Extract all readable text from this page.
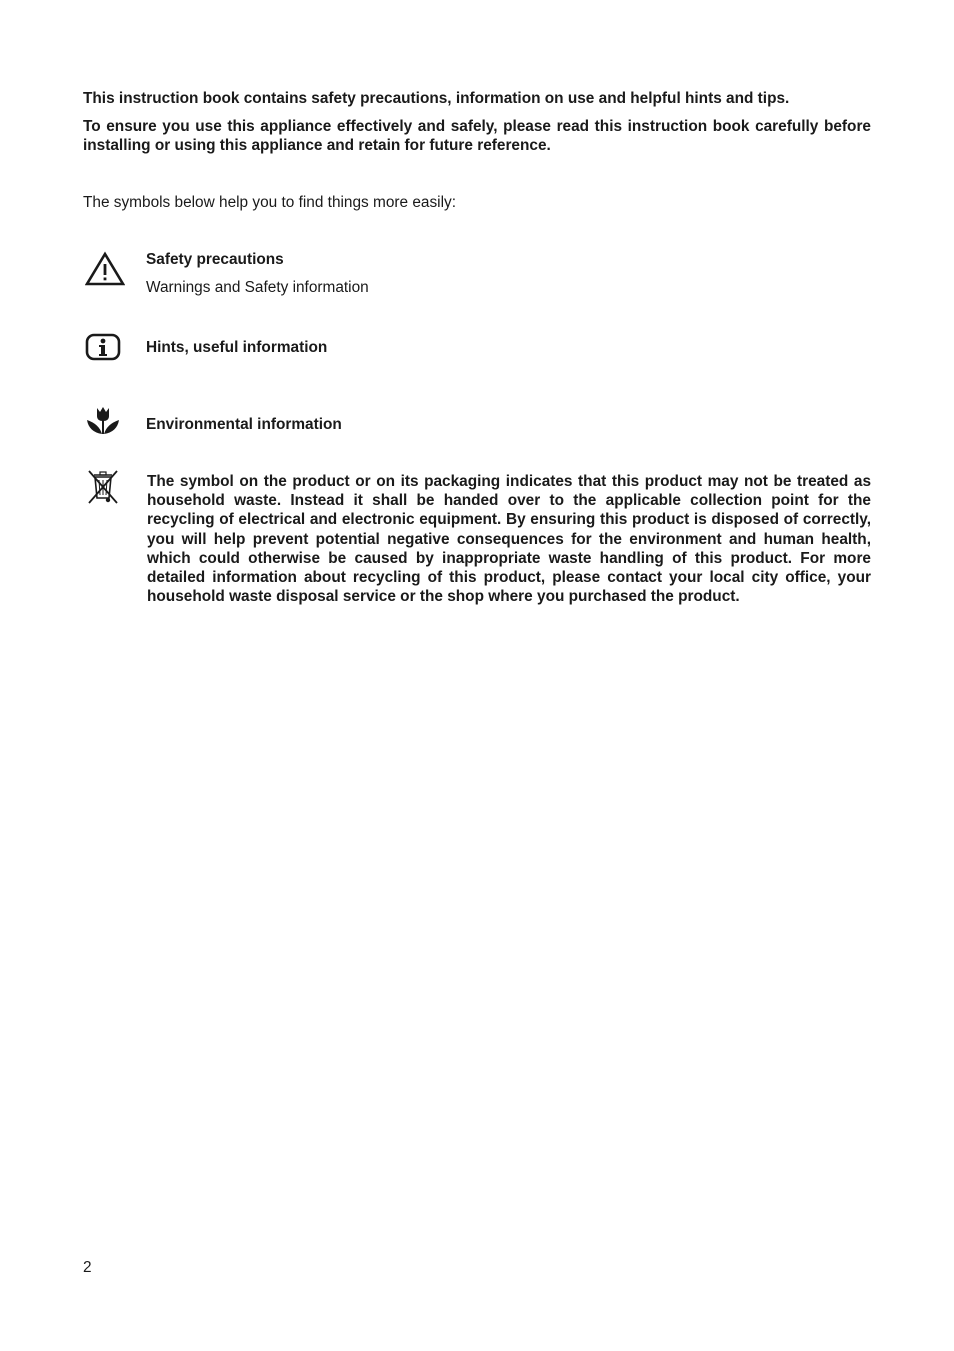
This instruction book contains safety precautions, information on use and helpful hints and tips.

To ensure you use this appliance effectively and safely, please read this instruction book carefully before installing or using this appliance and retain for future reference.

The symbols below help you to find things more easily:

Safety precautions

Warnings and Safety information

Hints, useful information

Environmental information

The symbol on the product or on its packaging indicates that this product may not be treated as household waste. Instead it shall be handed over to the applicable collection point for the recycling of electrical and electronic equipment. By ensuring this product is disposed of correctly, you will help prevent potential negative consequences for the environment and human health, which could otherwise be caused by inappropriate waste handling of this product. For more detailed information about recycling of this product, please contact your local city office, your household waste disposal service or the shop where you purchased the product.

2
